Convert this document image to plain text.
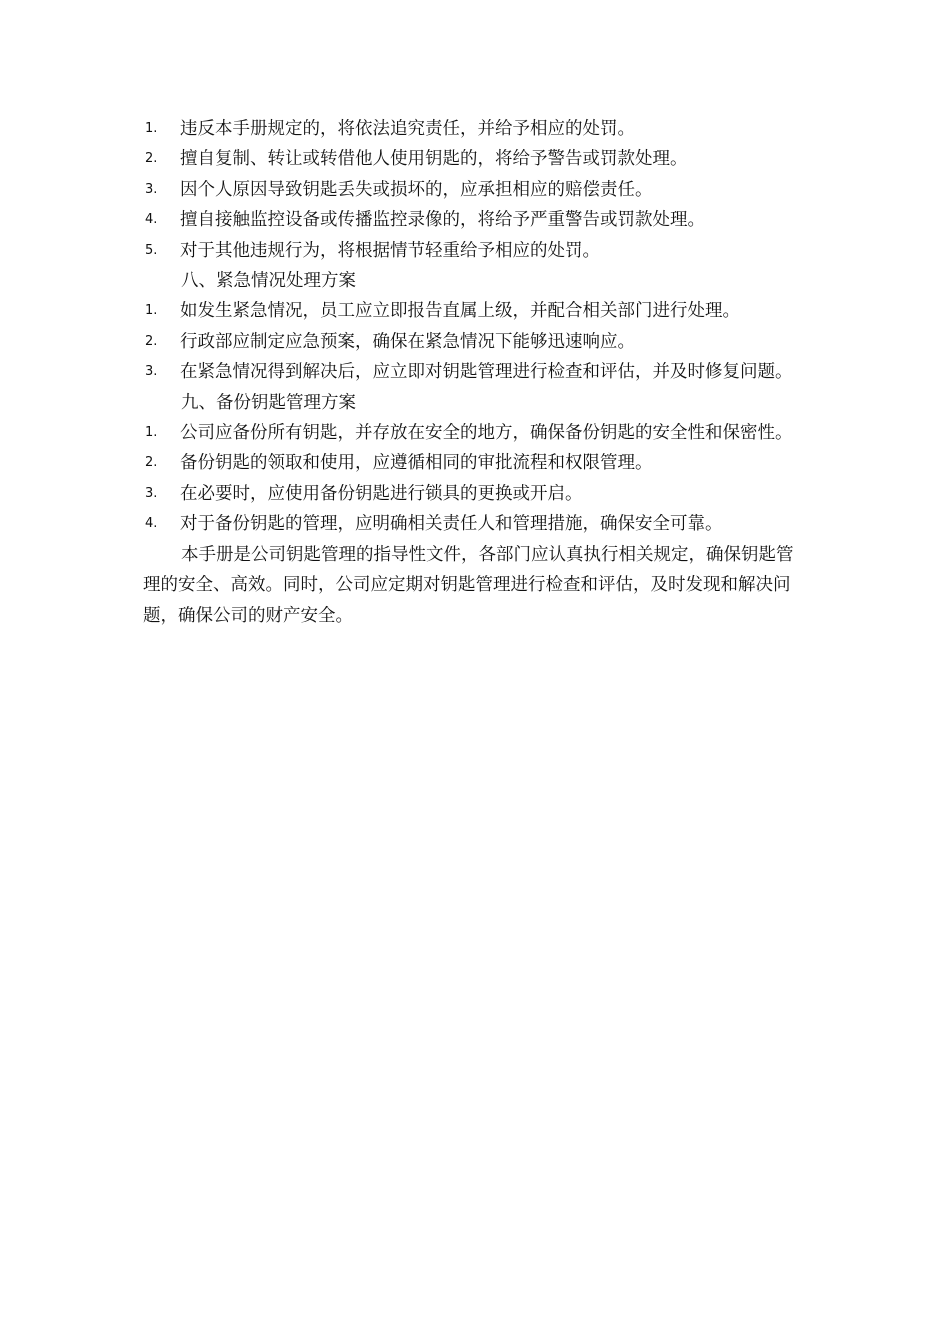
1. 违反本手册规定的，将依法追究责任，并给予相应的处罚。
2. 擅自复制、转让或转借他人使用钥匙的，将给予警告或罚款处理。
3. 因个人原因导致钥匙丢失或损坏的，应承担相应的赔偿责任。
4. 擅自接触监控设备或传播监控录像的，将给予严重警告或罚款处理。
5. 对于其他违规行为，将根据情节轻重给予相应的处罚。
八、紧急情况处理方案
1. 如发生紧急情况，员工应立即报告直属上级，并配合相关部门进行处理。
2. 行政部应制定应急预案，确保在紧急情况下能够迅速响应。
3. 在紧急情况得到解决后，应立即对钥匙管理进行检查和评估，并及时修复问题。
九、备份钥匙管理方案
1. 公司应备份所有钥匙，并存放在安全的地方，确保备份钥匙的安全性和保密性。
2. 备份钥匙的领取和使用，应遵循相同的审批流程和权限管理。
3. 在必要时，应使用备份钥匙进行锁具的更换或开启。
4. 对于备份钥匙的管理，应明确相关责任人和管理措施，确保安全可靠。
本手册是公司钥匙管理的指导性文件，各部门应认真执行相关规定，确保钥匙管理的安全、高效。同时，公司应定期对钥匙管理进行检查和评估，及时发现和解决问题，确保公司的财产安全。
